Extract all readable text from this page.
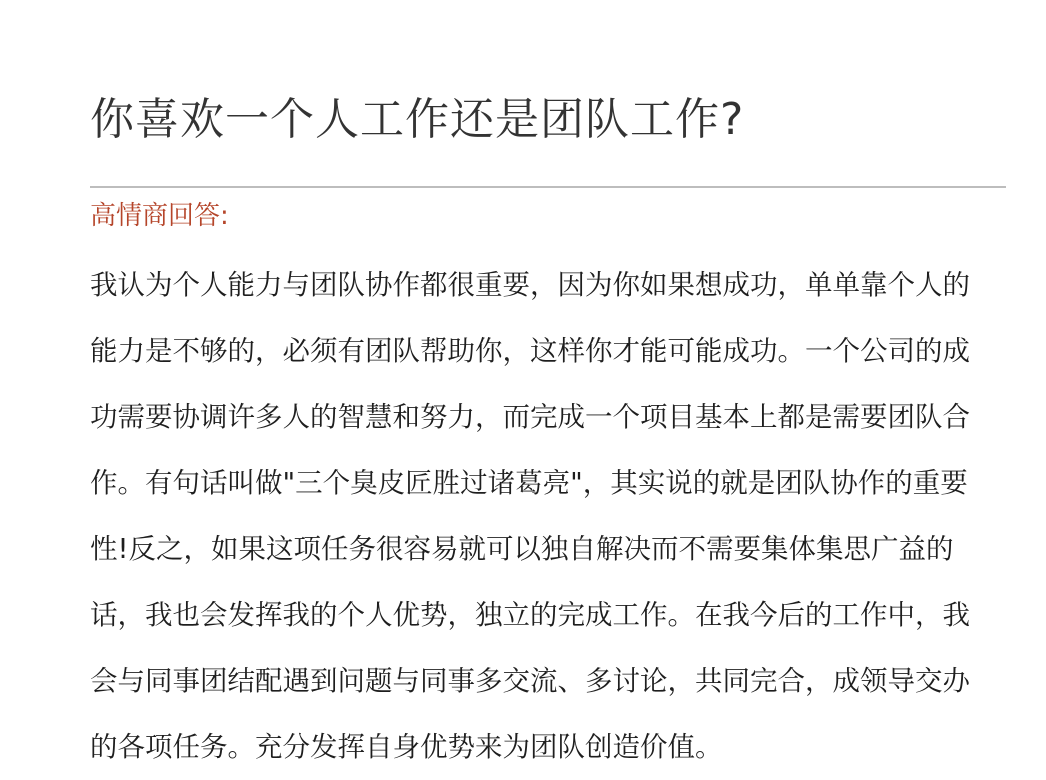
你喜欢一个人工作还是团队工作?

高情商回答:

我认为个人能力与团队协作都很重要，因为你如果想成功，单单靠个人的
能力是不够的，必须有团队帮助你，这样你才能可能成功。一个公司的成
功需要协调许多人的智慧和努力，而完成一个项目基本上都是需要团队合
作。有句话叫做"三个臭皮匠胜过诸葛亮"，其实说的就是团队协作的重要
性!反之，如果这项任务很容易就可以独自解决而不需要集体集思广益的
话，我也会发挥我的个人优势，独立的完成工作。在我今后的工作中，我
会与同事团结配遇到问题与同事多交流、多讨论，共同完合，成领导交办
的各项任务。充分发挥自身优势来为团队创造价值。
